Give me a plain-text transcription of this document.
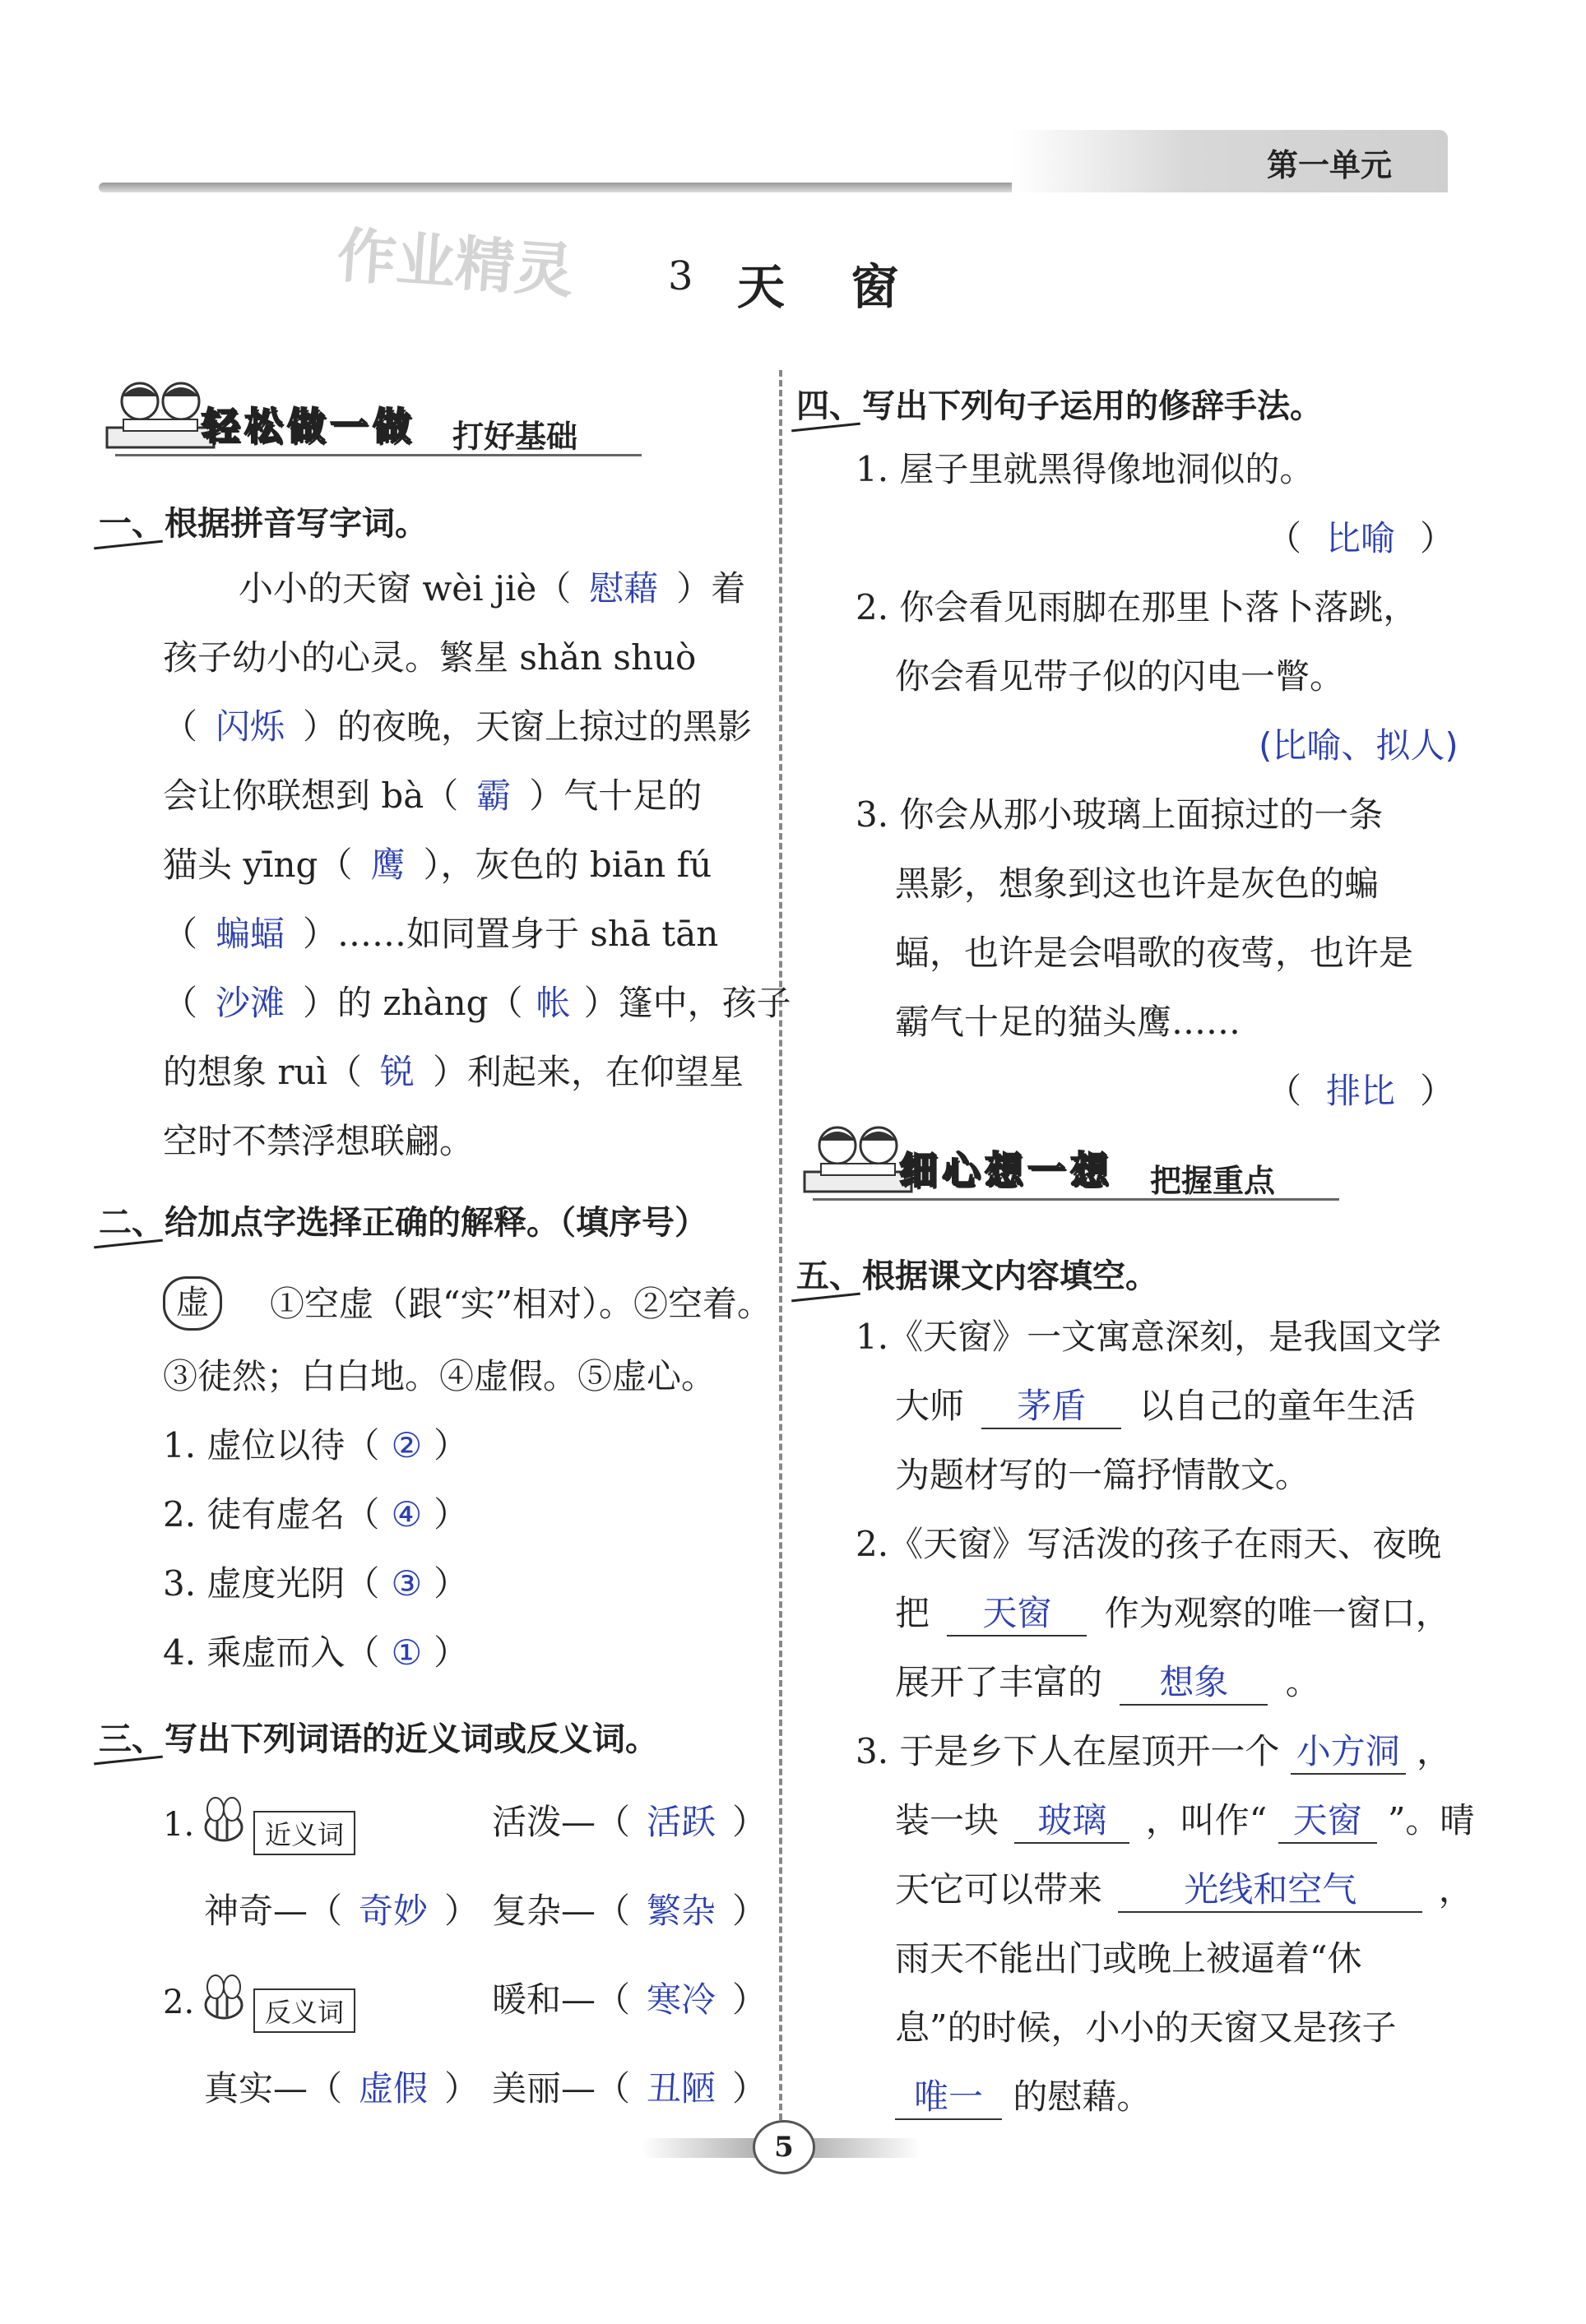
第一单元
作业精灵 3 天 窗
轻松做一做 打好基础
一、根据拼音写字词。
小小的天窗 wèi jiè（ 慰藉 ）着
孩子幼小的心灵。繁星 shǎn shuò
（ 闪烁 ）的夜晚，天窗上掠过的黑影
会让你联想到 bà（ 霸 ）气十足的
猫头 yīng（ 鹰 ），灰色的 biān fú
（ 蝙蝠 ）……如同置身于 shā tān
（ 沙滩 ）的 zhàng（ 帐 ）篷中，孩子
的想象 ruì（ 锐 ）利起来，在仰望星
空时不禁浮想联翩。
二、给加点字选择正确的解释。（填序号）
虚	①空虚（跟“实”相对）。②空着。
③徒然；白白地。④虚假。⑤虚心。
1. 虚位以待（ ② ）
2. 徒有虚名（ ④ ）
3. 虚度光阴（ ③ ）
4. 乘虚而入（ ① ）
三、写出下列词语的近义词或反义词。
1.	近义词	活泼—（ 活跃 ）
神奇—（ 奇妙 ） 复杂—（ 繁杂 ）
2.	反义词	暖和—（ 寒冷 ）
真实—（ 虚假 ） 美丽—（ 丑陋 ）
四、写出下列句子运用的修辞手法。
1. 屋子里就黑得像地洞似的。
（ 比喻 ）
2. 你会看见雨脚在那里卜落卜落跳，
你会看见带子似的闪电一瞥。
(比喻、拟人)
3. 你会从那小玻璃上面掠过的一条
黑影，想象到这也许是灰色的蝙
蝠，也许是会唱歌的夜莺，也许是
霸气十足的猫头鹰……
（ 排比 ）
细心想一想 把握重点
五、根据课文内容填空。
1.《天窗》一文寓意深刻，是我国文学
大师 茅盾 以自己的童年生活
为题材写的一篇抒情散文。
2.《天窗》写活泼的孩子在雨天、夜晚
把 天窗 作为观察的唯一窗口，
展开了丰富的 想象 。
3. 于是乡下人在屋顶开一个 小方洞 ，
装一块 玻璃 ，叫作“ 天窗 ”。晴
天它可以带来 光线和空气 ，
雨天不能出门或晚上被逼着“休
息”的时候，小小的天窗又是孩子
唯一 的慰藉。
5
